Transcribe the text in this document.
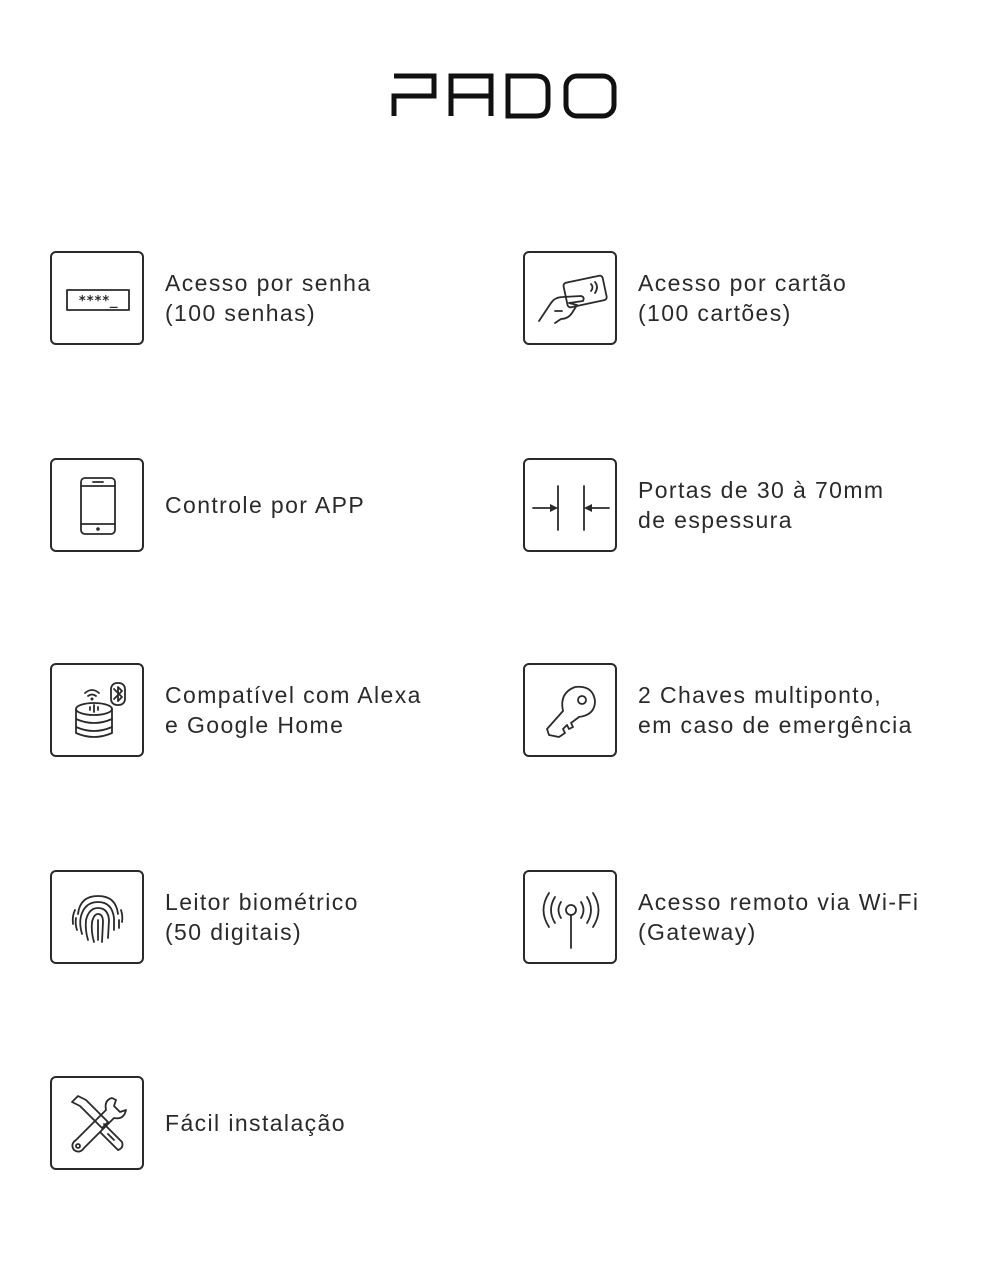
****_
Acesso por senha
(100 senhas)
Acesso por cartão
(100 cartões)
Controle por APP
Portas de 30 à 70mm
de espessura
Compatível com Alexa
e Google Home
2 Chaves multiponto,
em caso de emergência
Leitor biométrico
(50 digitais)
Acesso remoto via Wi-Fi
(Gateway)
Fácil instalação
